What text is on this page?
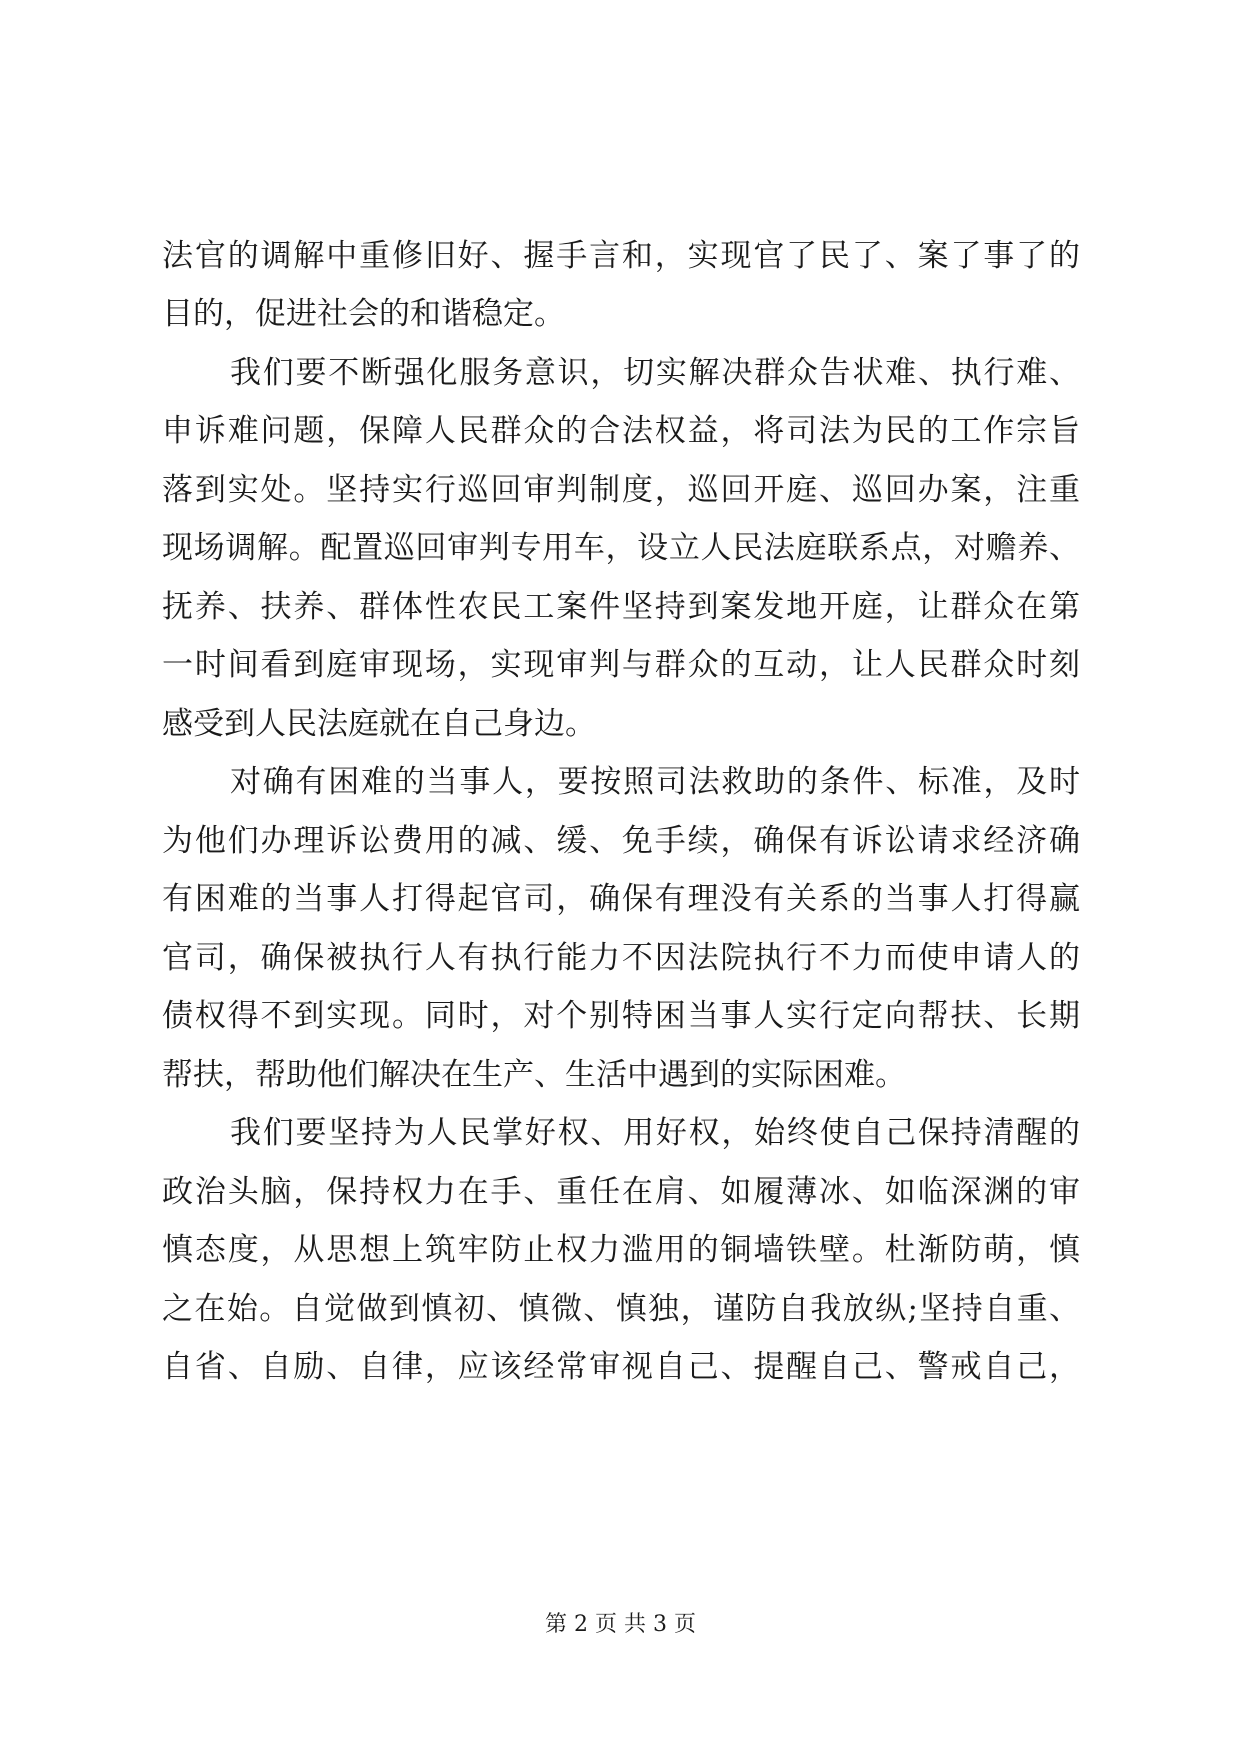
法官的调解中重修旧好、握手言和，实现官了民了、案了事了的
目的，促进社会的和谐稳定。
我们要不断强化服务意识，切实解决群众告状难、执行难、
申诉难问题，保障人民群众的合法权益，将司法为民的工作宗旨
落到实处。坚持实行巡回审判制度，巡回开庭、巡回办案，注重
现场调解。配置巡回审判专用车，设立人民法庭联系点，对赡养、
抚养、扶养、群体性农民工案件坚持到案发地开庭，让群众在第
一时间看到庭审现场，实现审判与群众的互动，让人民群众时刻
感受到人民法庭就在自己身边。
对确有困难的当事人，要按照司法救助的条件、标准，及时
为他们办理诉讼费用的减、缓、免手续，确保有诉讼请求经济确
有困难的当事人打得起官司，确保有理没有关系的当事人打得赢
官司，确保被执行人有执行能力不因法院执行不力而使申请人的
债权得不到实现。同时，对个别特困当事人实行定向帮扶、长期
帮扶，帮助他们解决在生产、生活中遇到的实际困难。
我们要坚持为人民掌好权、用好权，始终使自己保持清醒的
政治头脑，保持权力在手、重任在肩、如履薄冰、如临深渊的审
慎态度，从思想上筑牢防止权力滥用的铜墙铁壁。杜渐防萌，慎
之在始。自觉做到慎初、慎微、慎独，谨防自我放纵;坚持自重、
自省、自励、自律，应该经常审视自己、提醒自己、警戒自己，
第 2 页 共 3 页
